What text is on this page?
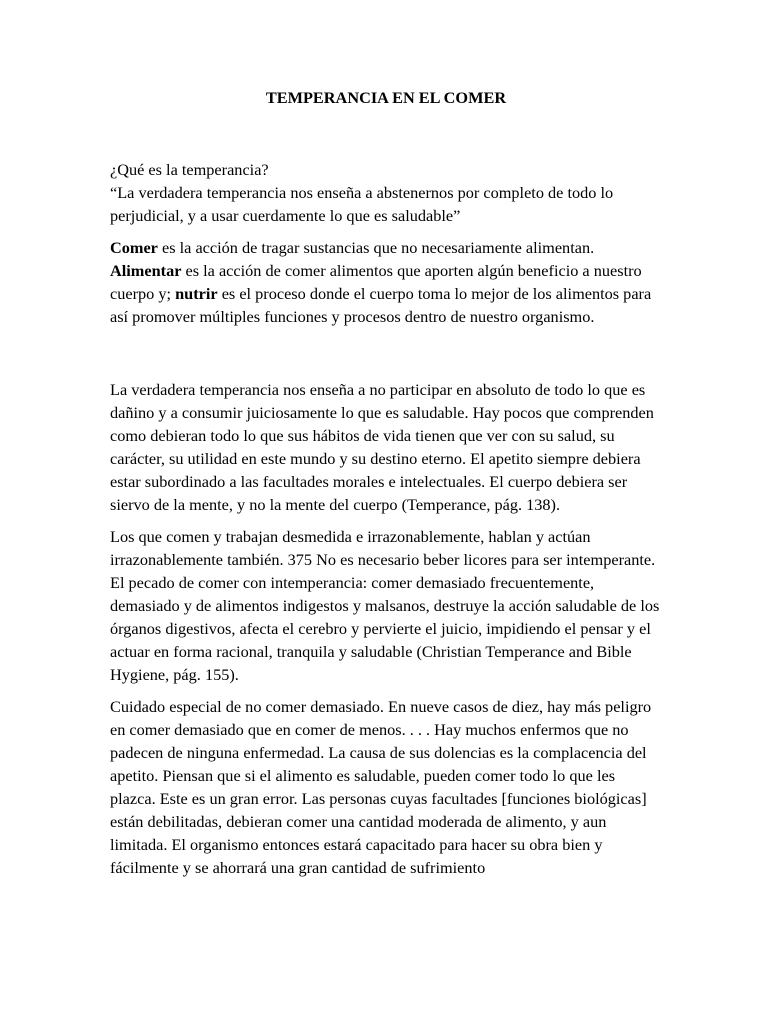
TEMPERANCIA EN EL COMER

¿Qué es la temperancia?

“La verdadera temperancia nos enseña a abstenernos por completo de todo lo perjudicial, y a usar cuerdamente lo que es saludable”

Comer es la acción de tragar sustancias que no necesariamente alimentan. Alimentar es la acción de comer alimentos que aporten algún beneficio a nuestro cuerpo y; nutrir es el proceso donde el cuerpo toma lo mejor de los alimentos para así promover múltiples funciones y procesos dentro de nuestro organismo.

La verdadera temperancia nos enseña a no participar en absoluto de todo lo que es dañino y a consumir juiciosamente lo que es saludable. Hay pocos que comprenden como debieran todo lo que sus hábitos de vida tienen que ver con su salud, su carácter, su utilidad en este mundo y su destino eterno. El apetito siempre debiera estar subordinado a las facultades morales e intelectuales. El cuerpo debiera ser siervo de la mente, y no la mente del cuerpo (Temperance, pág. 138).

Los que comen y trabajan desmedida e irrazonablemente, hablan y actúan irrazonablemente también. 375 No es necesario beber licores para ser intemperante. El pecado de comer con intemperancia: comer demasiado frecuentemente, demasiado y de alimentos indigestos y malsanos, destruye la acción saludable de los órganos digestivos, afecta el cerebro y pervierte el juicio, impidiendo el pensar y el actuar en forma racional, tranquila y saludable (Christian Temperance and Bible Hygiene, pág. 155).

Cuidado especial de no comer demasiado. En nueve casos de diez, hay más peligro en comer demasiado que en comer de menos. . . . Hay muchos enfermos que no padecen de ninguna enfermedad. La causa de sus dolencias es la complacencia del apetito. Piensan que si el alimento es saludable, pueden comer todo lo que les plazca. Este es un gran error. Las personas cuyas facultades [funciones biológicas] están debilitadas, debieran comer una cantidad moderada de alimento, y aun limitada. El organismo entonces estará capacitado para hacer su obra bien y fácilmente y se ahorrará una gran cantidad de sufrimiento
